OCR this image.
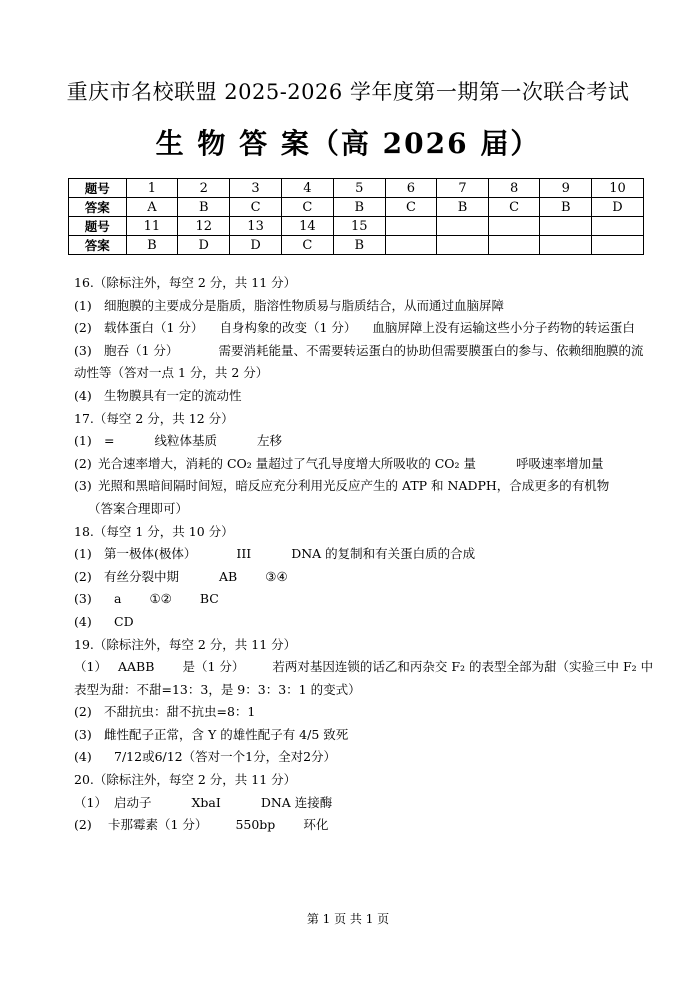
重庆市名校联盟 2025-2026 学年度第一期第一次联合考试
生 物 答 案（高 2026 届）
题号	1	2	3	4	5	6	7	8	9	10
答案	A	B	C	C	B	C	B	C	B	D
题号	11	12	13	14	15					
答案	B	D	D	C	B					
16.（除标注外，每空 2 分，共 11 分）
(1) 细胞膜的主要成分是脂质，脂溶性物质易与脂质结合，从而通过血脑屏障
(2) 载体蛋白（1 分） 自身构象的改变（1 分） 血脑屏障上没有运输这些小分子药物的转运蛋白
(3) 胞吞（1 分）	需要消耗能量、不需要转运蛋白的协助但需要膜蛋白的参与、依赖细胞膜的流
动性等（答对一点 1 分，共 2 分）
(4) 生物膜具有一定的流动性
17.（每空 2 分，共 12 分）
(1) =	线粒体基质	左移
(2) 光合速率增大，消耗的 CO₂ 量超过了气孔导度增大所吸收的 CO₂ 量	呼吸速率增加量
(3) 光照和黑暗间隔时间短，暗反应充分利用光反应产生的 ATP 和 NADPH，合成更多的有机物
（答案合理即可）
18.（每空 1 分，共 10 分）
(1) 第一极体(极体）	III	DNA 的复制和有关蛋白质的合成
(2) 有丝分裂中期	AB ③④
(3) a ①② BC
(4) CD
19.（除标注外，每空 2 分，共 11 分）
（1） AABB 是（1 分） 若两对基因连锁的话乙和丙杂交 F₂ 的表型全部为甜（实验三中 F₂ 中
表型为甜：不甜=13：3，是 9：3：3：1 的变式）
(2) 不甜抗虫：甜不抗虫=8：1
(3) 雌性配子正常，含 Y 的雄性配子有 4/5 致死
(4) 7/12或6/12（答对一个1分，全对2分）
20.（除标注外，每空 2 分，共 11 分）
（1） 启动子	XbaI	DNA 连接酶
(2) 卡那霉素（1 分） 550bp 环化
第 1 页 共 1 页
